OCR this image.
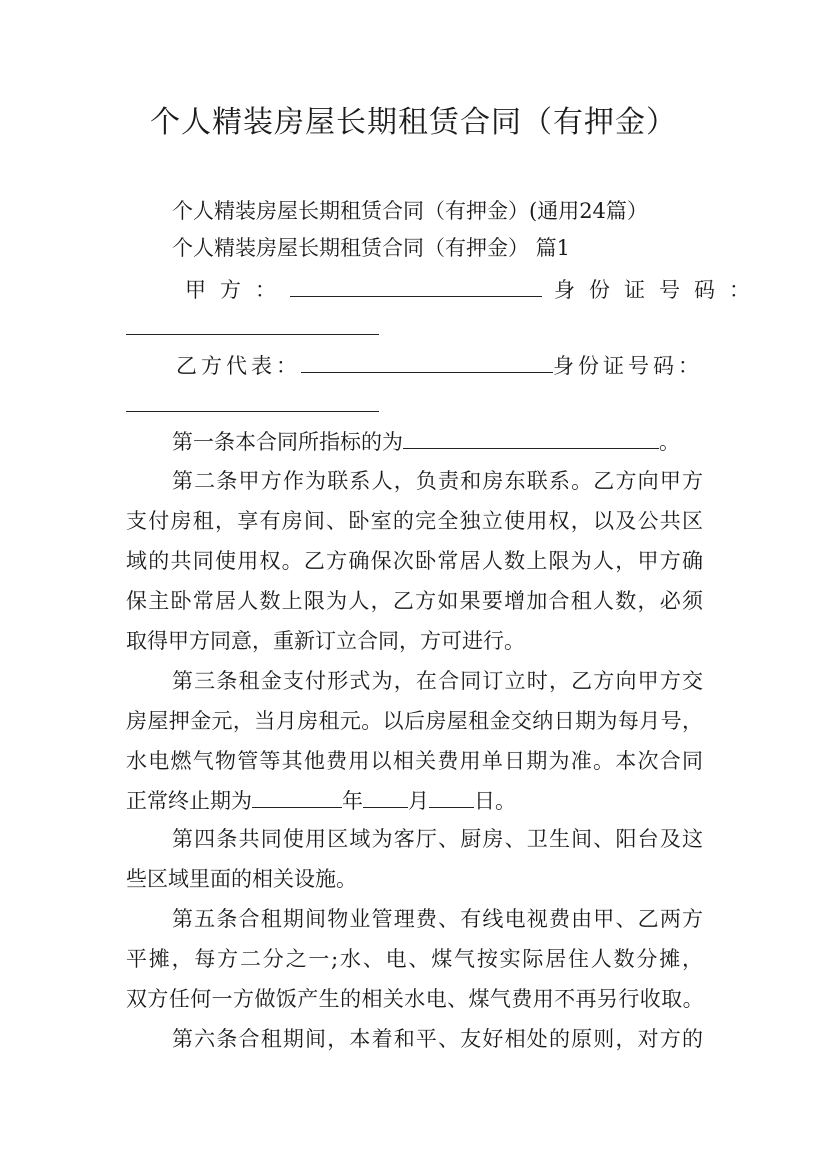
个人精装房屋长期租赁合同（有押金）
个人精装房屋长期租赁合同（有押金）(通用24篇）
个人精装房屋长期租赁合同（有押金） 篇1
甲方：	身份证号码：
乙方代表：	身份证号码：
第一条本合同所指标的为	。
第二条甲方作为联系人，负责和房东联系。乙方向甲方
支付房租，享有房间、卧室的完全独立使用权，以及公共区
域的共同使用权。乙方确保次卧常居人数上限为人，甲方确
保主卧常居人数上限为人，乙方如果要增加合租人数，必须
取得甲方同意，重新订立合同，方可进行。
第三条租金支付形式为，在合同订立时，乙方向甲方交
房屋押金元，当月房租元。以后房屋租金交纳日期为每月号，
水电燃气物管等其他费用以相关费用单日期为准。本次合同
正常终止期为	年 月 日。
第四条共同使用区域为客厅、厨房、卫生间、阳台及这
些区域里面的相关设施。
第五条合租期间物业管理费、有线电视费由甲、乙两方
平摊，每方二分之一;水、电、煤气按实际居住人数分摊，
双方任何一方做饭产生的相关水电、煤气费用不再另行收取。
第六条合租期间，本着和平、友好相处的原则，对方的
